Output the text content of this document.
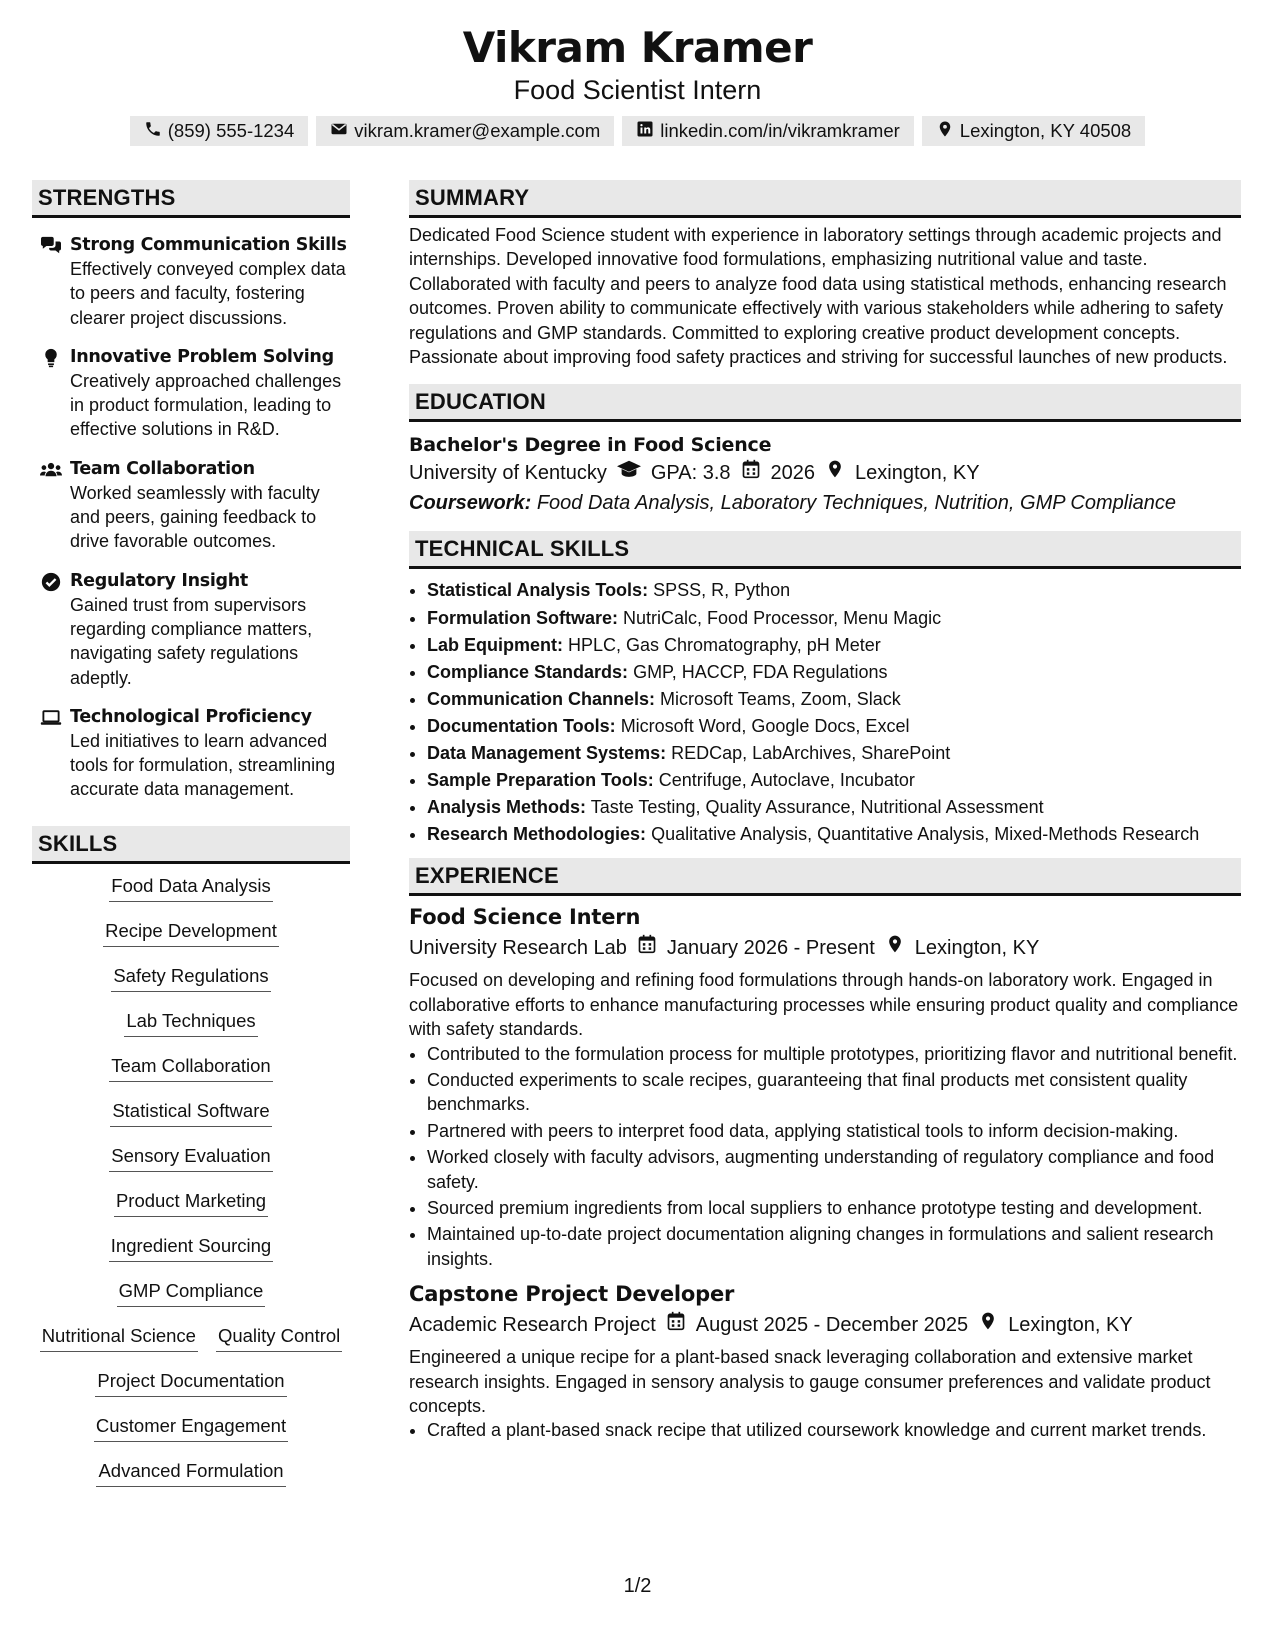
Vikram Kramer
Food Scientist Intern
(859) 555-1234	vikram.kramer@example.com	linkedin.com/in/vikramkramer	Lexington, KY 40508
STRENGTHS
Strong Communication Skills
Effectively conveyed complex data to peers and faculty, fostering clearer project discussions.
Innovative Problem Solving
Creatively approached challenges in product formulation, leading to effective solutions in R&D.
Team Collaboration
Worked seamlessly with faculty and peers, gaining feedback to drive favorable outcomes.
Regulatory Insight
Gained trust from supervisors regarding compliance matters, navigating safety regulations adeptly.
Technological Proficiency
Led initiatives to learn advanced tools for formulation, streamlining accurate data management.
SKILLS
Food Data Analysis
Recipe Development
Safety Regulations
Lab Techniques
Team Collaboration
Statistical Software
Sensory Evaluation
Product Marketing
Ingredient Sourcing
GMP Compliance
Nutritional Science Quality Control
Project Documentation
Customer Engagement
Advanced Formulation
SUMMARY
Dedicated Food Science student with experience in laboratory settings through academic projects and internships. Developed innovative food formulations, emphasizing nutritional value and taste. Collaborated with faculty and peers to analyze food data using statistical methods, enhancing research outcomes. Proven ability to communicate effectively with various stakeholders while adhering to safety regulations and GMP standards. Committed to exploring creative product development concepts. Passionate about improving food safety practices and striving for successful launches of new products.
EDUCATION
Bachelor's Degree in Food Science
University of Kentucky GPA: 3.8 2026 Lexington, KY
Coursework: Food Data Analysis, Laboratory Techniques, Nutrition, GMP Compliance
TECHNICAL SKILLS
• Statistical Analysis Tools: SPSS, R, Python
• Formulation Software: NutriCalc, Food Processor, Menu Magic
• Lab Equipment: HPLC, Gas Chromatography, pH Meter
• Compliance Standards: GMP, HACCP, FDA Regulations
• Communication Channels: Microsoft Teams, Zoom, Slack
• Documentation Tools: Microsoft Word, Google Docs, Excel
• Data Management Systems: REDCap, LabArchives, SharePoint
• Sample Preparation Tools: Centrifuge, Autoclave, Incubator
• Analysis Methods: Taste Testing, Quality Assurance, Nutritional Assessment
• Research Methodologies: Qualitative Analysis, Quantitative Analysis, Mixed-Methods Research
EXPERIENCE
Food Science Intern
University Research Lab January 2026 - Present Lexington, KY
Focused on developing and refining food formulations through hands-on laboratory work. Engaged in collaborative efforts to enhance manufacturing processes while ensuring product quality and compliance with safety standards.
• Contributed to the formulation process for multiple prototypes, prioritizing flavor and nutritional benefit.
• Conducted experiments to scale recipes, guaranteeing that final products met consistent quality benchmarks.
• Partnered with peers to interpret food data, applying statistical tools to inform decision-making.
• Worked closely with faculty advisors, augmenting understanding of regulatory compliance and food safety.
• Sourced premium ingredients from local suppliers to enhance prototype testing and development.
• Maintained up-to-date project documentation aligning changes in formulations and salient research insights.
Capstone Project Developer
Academic Research Project August 2025 - December 2025 Lexington, KY
Engineered a unique recipe for a plant-based snack leveraging collaboration and extensive market research insights. Engaged in sensory analysis to gauge consumer preferences and validate product concepts.
• Crafted a plant-based snack recipe that utilized coursework knowledge and current market trends.
1/2
